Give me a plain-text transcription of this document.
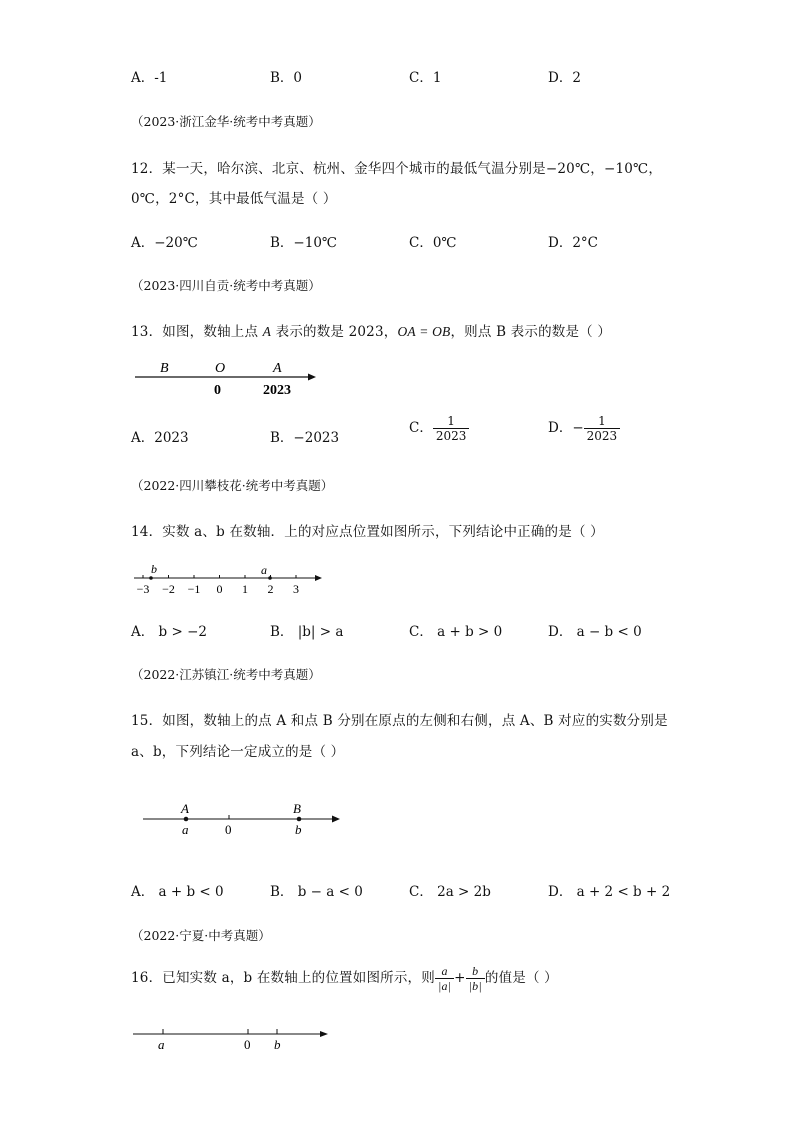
A．-1	B．0	C．1	D．2
（2023·浙江金华·统考中考真题）
12．某一天，哈尔滨、北京、杭州、金华四个城市的最低气温分别是−20℃，−10℃，
0℃，2°C，其中最低气温是（ ）
A．−20℃	B．−10℃	C．0℃	D．2°C
（2023·四川自贡·统考中考真题）
13．如图，数轴上点 A 表示的数是 2023，OA = OB，则点 B 表示的数是（ ）
B	O	A
0	2023
A．2023	B．−2023
C． $\frac{1}{2023}$	D．− $\frac{1}{2023}$
（2022·四川攀枝花·统考中考真题）
14．实数 a、b 在数轴．上的对应点位置如图所示，下列结论中正确的是（ ）
−3 −2 −1 0 1 2 3
b	a
A． b > −2	B． |b| > a	C． a + b > 0	D． a − b < 0
（2022·江苏镇江·统考中考真题）
15．如图，数轴上的点 A 和点 B 分别在原点的左侧和右侧，点 A、B 对应的实数分别是
a、b，下列结论一定成立的是（ ）
A	B
a	0	b
A． a + b < 0	B． b − a < 0	C． 2a > 2b	D． a + 2 < b + 2
（2022·宁夏·中考真题）
16．已知实数 a，b 在数轴上的位置如图所示，则 $\frac{a}{|a|} + \frac{b}{|b|}$ 的值是（ ）
a	0 b
